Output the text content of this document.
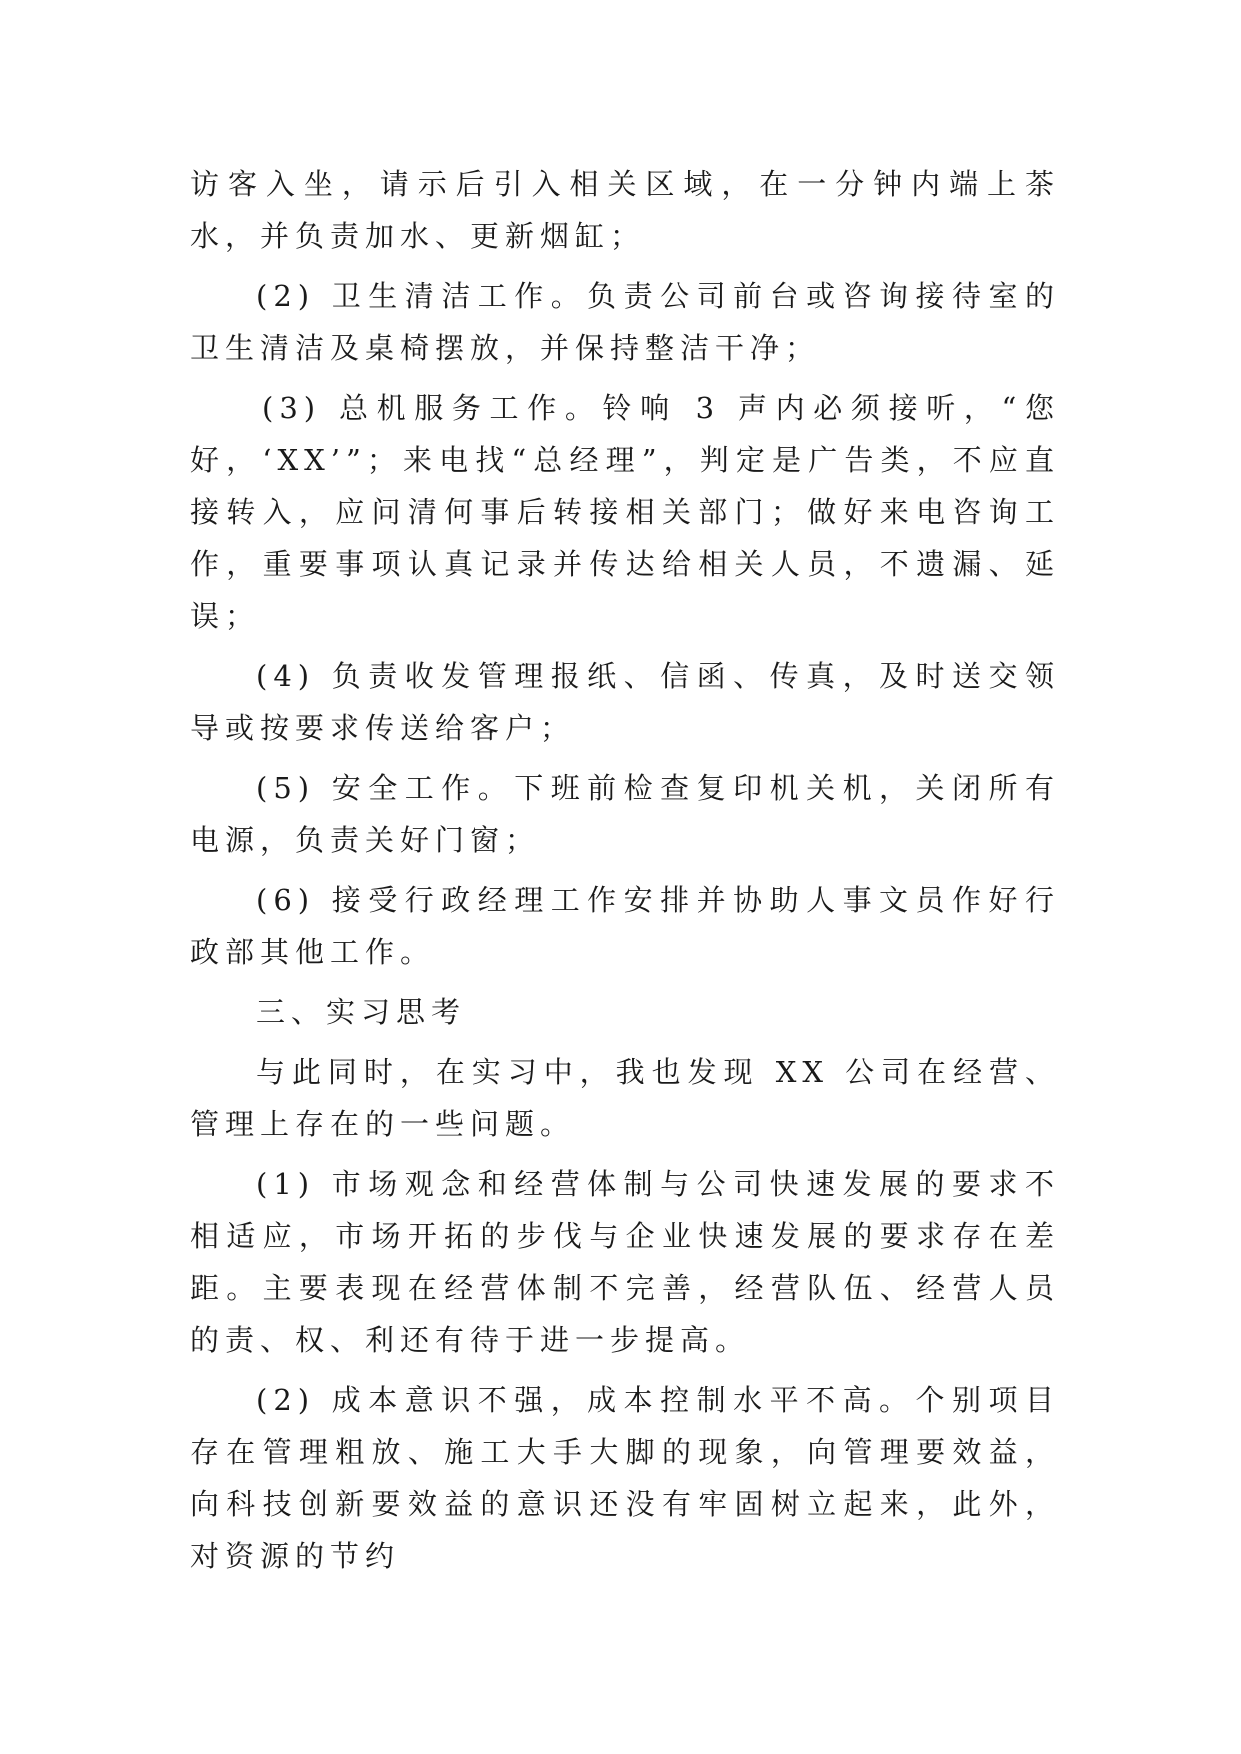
访客入坐，请示后引入相关区域，在一分钟内端上茶水，并负责加水、更新烟缸；

(2) 卫生清洁工作。负责公司前台或咨询接待室的卫生清洁及桌椅摆放，并保持整洁干净；

(3) 总机服务工作。铃响 3 声内必须接听，“您好，‘XX’”；来电找“总经理”，判定是广告类，不应直接转入，应问清何事后转接相关部门；做好来电咨询工作，重要事项认真记录并传达给相关人员，不遗漏、延误；

(4) 负责收发管理报纸、信函、传真，及时送交领导或按要求传送给客户；

(5) 安全工作。下班前检查复印机关机，关闭所有电源，负责关好门窗；

(6) 接受行政经理工作安排并协助人事文员作好行政部其他工作。

三、实习思考

与此同时，在实习中，我也发现 XX 公司在经营、管理上存在的一些问题。

(1) 市场观念和经营体制与公司快速发展的要求不相适应，市场开拓的步伐与企业快速发展的要求存在差距。主要表现在经营体制不完善，经营队伍、经营人员的责、权、利还有待于进一步提高。

(2) 成本意识不强，成本控制水平不高。个别项目存在管理粗放、施工大手大脚的现象，向管理要效益，向科技创新要效益的意识还没有牢固树立起来，此外，对资源的节约
